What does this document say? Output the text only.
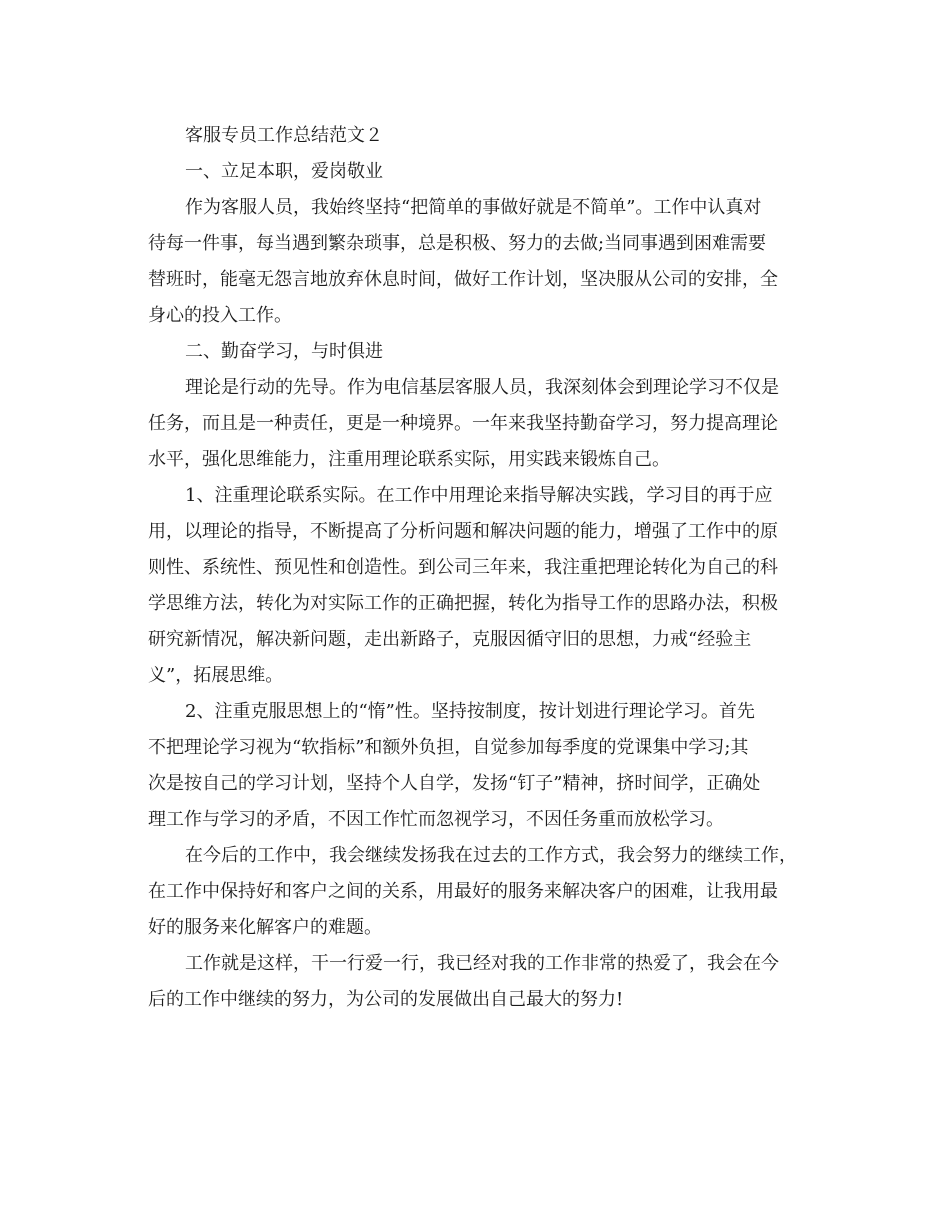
客服专员工作总结范文２
一、立足本职，爱岗敬业
作为客服人员，我始终坚持“把简单的事做好就是不简单”。工作中认真对
待每一件事，每当遇到繁杂琐事，总是积极、努力的去做;当同事遇到困难需要
替班时，能毫无怨言地放弃休息时间，做好工作计划，坚决服从公司的安排，全
身心的投入工作。
二、勤奋学习，与时俱进
理论是行动的先导。作为电信基层客服人员，我深刻体会到理论学习不仅是
任务，而且是一种责任，更是一种境界。一年来我坚持勤奋学习，努力提高理论
水平，强化思维能力，注重用理论联系实际，用实践来锻炼自己。
1、注重理论联系实际。在工作中用理论来指导解决实践，学习目的再于应
用，以理论的指导，不断提高了分析问题和解决问题的能力，增强了工作中的原
则性、系统性、预见性和创造性。到公司三年来，我注重把理论转化为自己的科
学思维方法，转化为对实际工作的正确把握，转化为指导工作的思路办法，积极
研究新情况，解决新问题，走出新路子，克服因循守旧的思想，力戒“经验主
义”，拓展思维。
2、注重克服思想上的“惰”性。坚持按制度，按计划进行理论学习。首先
不把理论学习视为“软指标”和额外负担，自觉参加每季度的党课集中学习;其
次是按自己的学习计划，坚持个人自学，发扬“钉子”精神，挤时间学，正确处
理工作与学习的矛盾，不因工作忙而忽视学习，不因任务重而放松学习。
在今后的工作中，我会继续发扬我在过去的工作方式，我会努力的继续工作，
在工作中保持好和客户之间的关系，用最好的服务来解决客户的困难，让我用最
好的服务来化解客户的难题。
工作就是这样，干一行爱一行，我已经对我的工作非常的热爱了，我会在今
后的工作中继续的努力，为公司的发展做出自己最大的努力!
